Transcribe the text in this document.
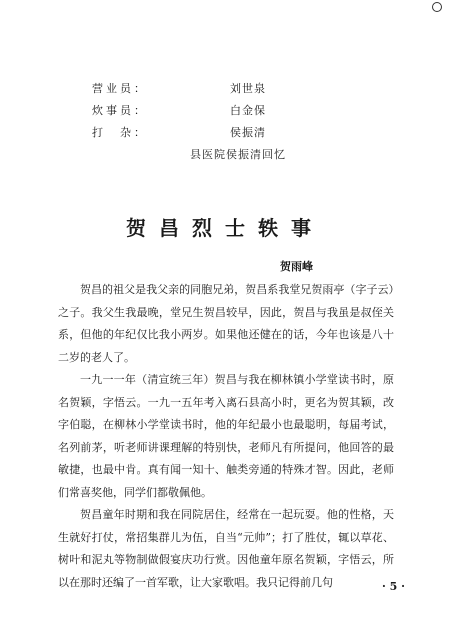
营业员：	刘世泉
炊事员：	白金保
打　杂：	侯振清
县医院侯振清回忆
贺昌烈士轶事
贺雨峰

贺昌的祖父是我父亲的同胞兄弟，贺昌系我堂兄贺雨亭（字子云）之子。我父生我最晚，堂兄生贺昌较早，因此，贺昌与我虽是叔侄关系，但他的年纪仅比我小两岁。如果他还健在的话，今年也该是八十二岁的老人了。

一九一一年（清宣统三年）贺昌与我在柳林镇小学堂读书时，原名贺颖，字悟云。一九一五年考入离石县高小时，更名为贺其颖，改字伯聪，在柳林小学堂读书时，他的年纪最小也最聪明，每届考试，名列前茅，听老师讲课理解的特别快，老师凡有所提问，他回答的最敏捷，也最中肯。真有闻一知十、触类旁通的特殊才智。因此，老师们常喜奖他，同学们都敬佩他。

贺昌童年时期和我在同院居住，经常在一起玩耍。他的性格，天生就好打仗，常招集群儿为伍，自当“元帅”；打了胜仗，辄以草花、树叶和泥丸等物制做假宴庆功行赏。因他童年原名贺颖，字悟云，所以在那时还编了一首军歌，让大家歌唱。我只记得前几句	· 5 ·
